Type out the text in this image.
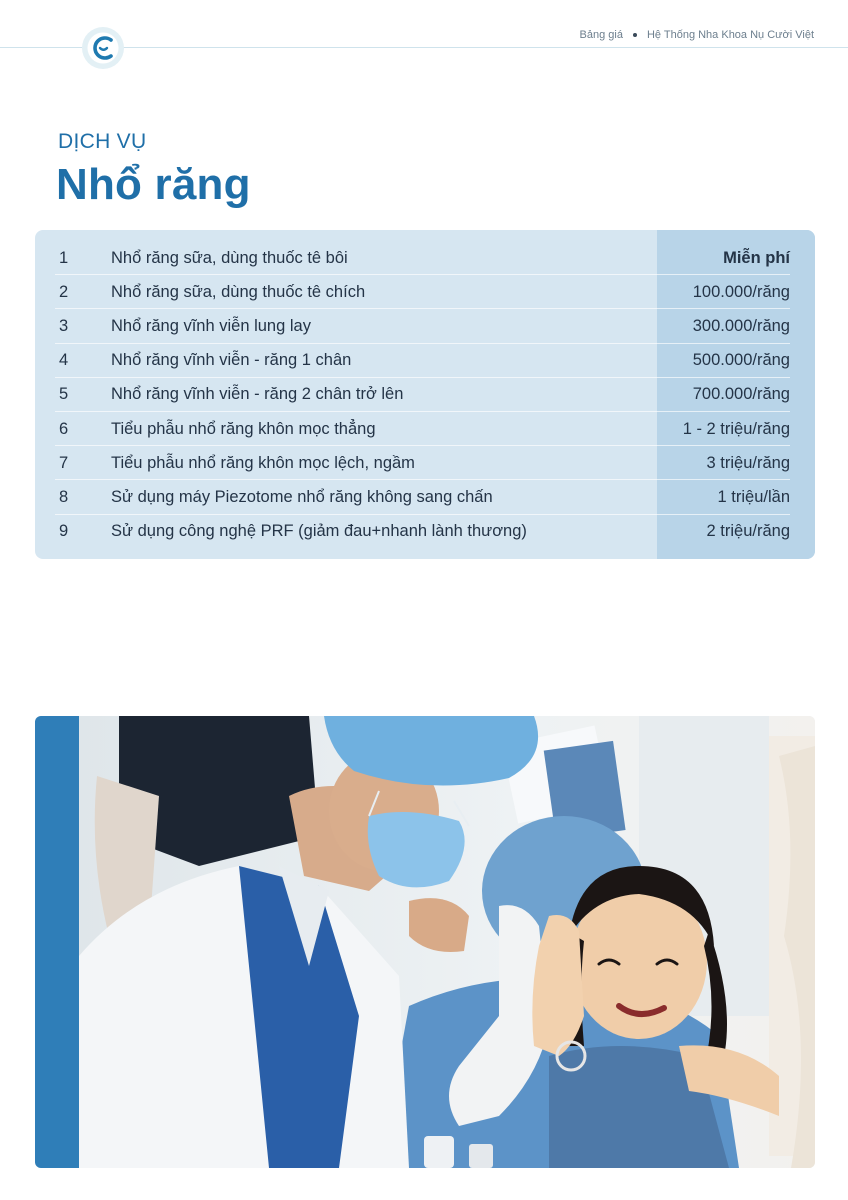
Bảng giá Hệ Thống Nha Khoa Nụ Cười Việt
DỊCH VỤ
Nhổ răng
1	Nhổ răng sữa, dùng thuốc tê bôi	Miễn phí
2	Nhổ răng sữa, dùng thuốc tê chích	100.000/răng
3	Nhổ răng vĩnh viễn lung lay	300.000/răng
4	Nhổ răng vĩnh viễn - răng 1 chân	500.000/răng
5	Nhổ răng vĩnh viễn - răng 2 chân trở lên	700.000/răng
6	Tiểu phẫu nhổ răng khôn mọc thẳng	1 - 2 triệu/răng
7	Tiểu phẫu nhổ răng khôn mọc lệch, ngầm	3 triệu/răng
8	Sử dụng máy Piezotome nhổ răng không sang chấn	1 triệu/lần
9	Sử dụng công nghệ PRF (giảm đau+nhanh lành thương)	2 triệu/răng
